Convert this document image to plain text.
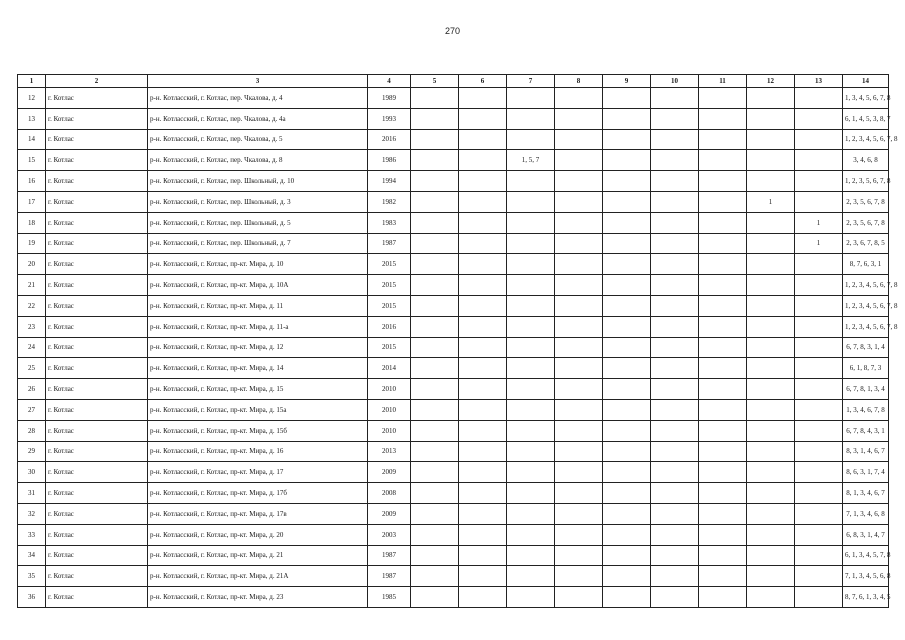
270
1	2	3	4	5	6	7	8	9	10	11	12	13	14
12	г. Котлас	р-н. Котласский, г. Котлас, пер. Чкалова, д. 4	1989										1, 3, 4, 5, 6, 7, 8
13	г. Котлас	р-н. Котласский, г. Котлас, пер. Чкалова, д. 4а	1993										6, 1, 4, 5, 3, 8, 7
14	г. Котлас	р-н. Котласский, г. Котлас, пер. Чкалова, д. 5	2016										1, 2, 3, 4, 5, 6, 7, 8
15	г. Котлас	р-н. Котласский, г. Котлас, пер. Чкалова, д. 8	1986			1, 5, 7							3, 4, 6, 8
16	г. Котлас	р-н. Котласский, г. Котлас, пер. Школьный, д. 10	1994										1, 2, 3, 5, 6, 7, 8
17	г. Котлас	р-н. Котласский, г. Котлас, пер. Школьный, д. 3	1982								1		2, 3, 5, 6, 7, 8
18	г. Котлас	р-н. Котласский, г. Котлас, пер. Школьный, д. 5	1983									1	2, 3, 5, 6, 7, 8
19	г. Котлас	р-н. Котласский, г. Котлас, пер. Школьный, д. 7	1987									1	2, 3, 6, 7, 8, 5
20	г. Котлас	р-н. Котласский, г. Котлас, пр-кт. Мира, д. 10	2015										8, 7, 6, 3, 1
21	г. Котлас	р-н. Котласский, г. Котлас, пр-кт. Мира, д. 10А	2015										1, 2, 3, 4, 5, 6, 7, 8
22	г. Котлас	р-н. Котласский, г. Котлас, пр-кт. Мира, д. 11	2015										1, 2, 3, 4, 5, 6, 7, 8
23	г. Котлас	р-н. Котласский, г. Котлас, пр-кт. Мира, д. 11-а	2016										1, 2, 3, 4, 5, 6, 7, 8
24	г. Котлас	р-н. Котласский, г. Котлас, пр-кт. Мира, д. 12	2015										6, 7, 8, 3, 1, 4
25	г. Котлас	р-н. Котласский, г. Котлас, пр-кт. Мира, д. 14	2014										6, 1, 8, 7, 3
26	г. Котлас	р-н. Котласский, г. Котлас, пр-кт. Мира, д. 15	2010										6, 7, 8, 1, 3, 4
27	г. Котлас	р-н. Котласский, г. Котлас, пр-кт. Мира, д. 15а	2010										1, 3, 4, 6, 7, 8
28	г. Котлас	р-н. Котласский, г. Котлас, пр-кт. Мира, д. 15б	2010										6, 7, 8, 4, 3, 1
29	г. Котлас	р-н. Котласский, г. Котлас, пр-кт. Мира, д. 16	2013										8, 3, 1, 4, 6, 7
30	г. Котлас	р-н. Котласский, г. Котлас, пр-кт. Мира, д. 17	2009										8, 6, 3, 1, 7, 4
31	г. Котлас	р-н. Котласский, г. Котлас, пр-кт. Мира, д. 17б	2008										8, 1, 3, 4, 6, 7
32	г. Котлас	р-н. Котласский, г. Котлас, пр-кт. Мира, д. 17в	2009										7, 1, 3, 4, 6, 8
33	г. Котлас	р-н. Котласский, г. Котлас, пр-кт. Мира, д. 20	2003										6, 8, 3, 1, 4, 7
34	г. Котлас	р-н. Котласский, г. Котлас, пр-кт. Мира, д. 21	1987										6, 1, 3, 4, 5, 7, 8
35	г. Котлас	р-н. Котласский, г. Котлас, пр-кт. Мира, д. 21А	1987										7, 1, 3, 4, 5, 6, 8
36	г. Котлас	р-н. Котласский, г. Котлас, пр-кт. Мира, д. 23	1985										8, 7, 6, 1, 3, 4, 5
